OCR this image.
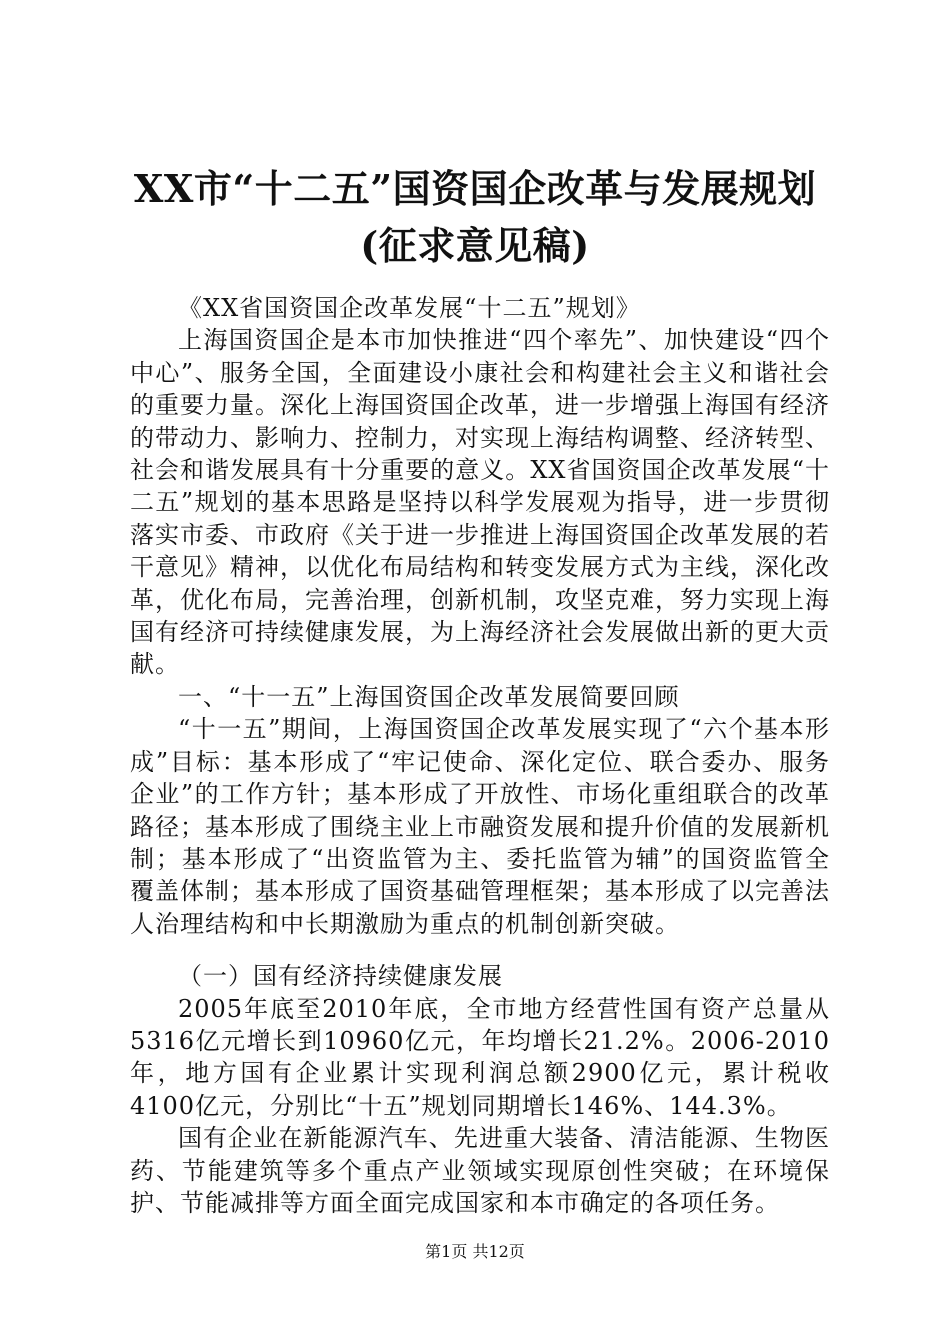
XX市“十二五”国资国企改革与发展规划(征求意见稿)

《XX省国资国企改革发展“十二五”规划》

上海国资国企是本市加快推进“四个率先”、加快建设“四个中心”、服务全国，全面建设小康社会和构建社会主义和谐社会的重要力量。深化上海国资国企改革，进一步增强上海国有经济的带动力、影响力、控制力，对实现上海结构调整、经济转型、社会和谐发展具有十分重要的意义。XX省国资国企改革发展“十二五”规划的基本思路是坚持以科学发展观为指导，进一步贯彻落实市委、市政府《关于进一步推进上海国资国企改革发展的若干意见》精神，以优化布局结构和转变发展方式为主线，深化改革，优化布局，完善治理，创新机制，攻坚克难，努力实现上海国有经济可持续健康发展，为上海经济社会发展做出新的更大贡献。

一、“十一五”上海国资国企改革发展简要回顾

“十一五”期间，上海国资国企改革发展实现了“六个基本形成”目标：基本形成了“牢记使命、深化定位、联合委办、服务企业”的工作方针；基本形成了开放性、市场化重组联合的改革路径；基本形成了围绕主业上市融资发展和提升价值的发展新机制；基本形成了“出资监管为主、委托监管为辅”的国资监管全覆盖体制；基本形成了国资基础管理框架；基本形成了以完善法人治理结构和中长期激励为重点的机制创新突破。

（一）国有经济持续健康发展

2005年底至2010年底，全市地方经营性国有资产总量从5316亿元增长到10960亿元，年均增长21.2%。2006-2010年，地方国有企业累计实现利润总额2900亿元，累计税收4100亿元，分别比“十五”规划同期增长146%、144.3%。

国有企业在新能源汽车、先进重大装备、清洁能源、生物医药、节能建筑等多个重点产业领域实现原创性突破；在环境保护、节能减排等方面全面完成国家和本市确定的各项任务。

第1页 共12页
